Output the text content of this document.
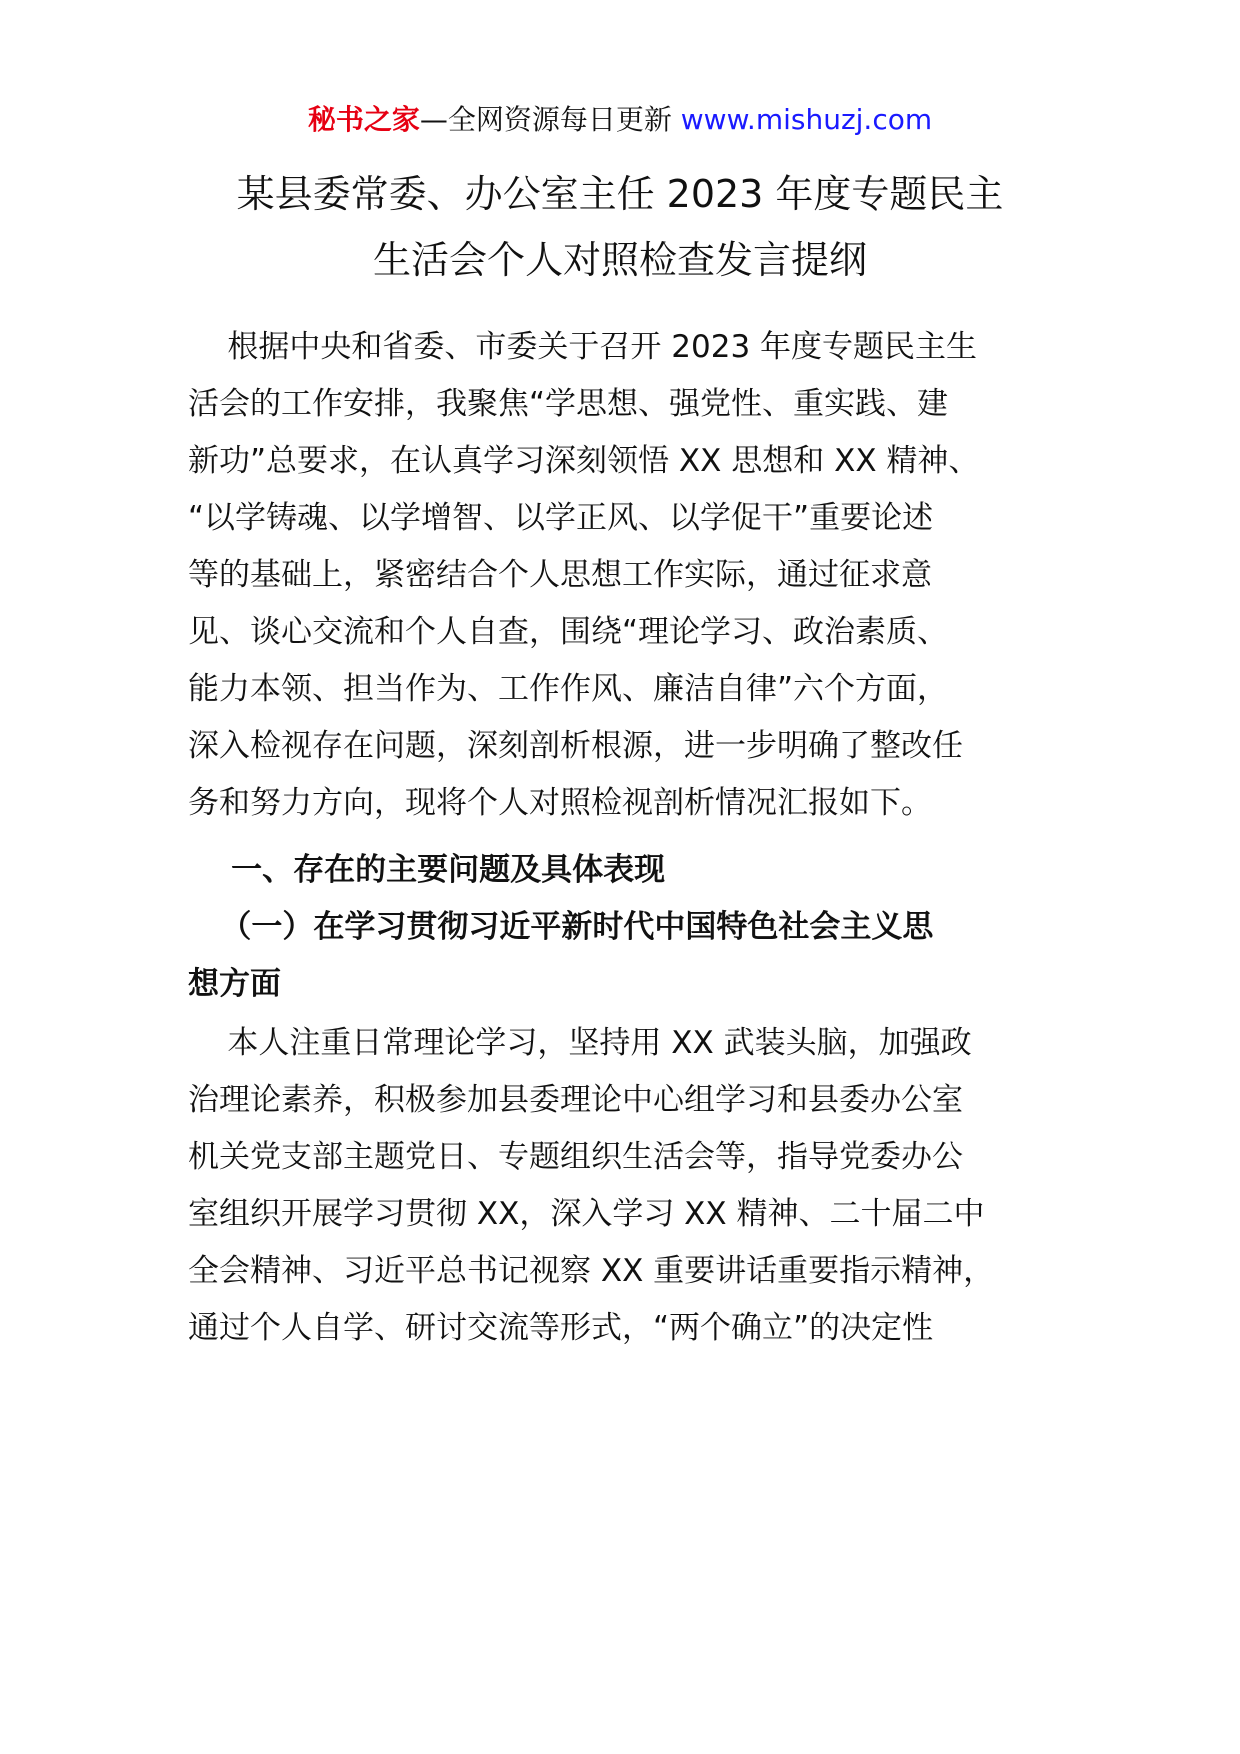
秘书之家—全网资源每日更新 www.mishuzj.com
某县委常委、办公室主任 2023 年度专题民主
生活会个人对照检查发言提纲
根据中央和省委、市委关于召开 2023 年度专题民主生
活会的工作安排，我聚焦“学思想、强党性、重实践、建
新功”总要求，在认真学习深刻领悟 XX 思想和 XX 精神、
“以学铸魂、以学增智、以学正风、以学促干”重要论述
等的基础上，紧密结合个人思想工作实际，通过征求意
见、谈心交流和个人自查，围绕“理论学习、政治素质、
能力本领、担当作为、工作作风、廉洁自律”六个方面，
深入检视存在问题，深刻剖析根源，进一步明确了整改任
务和努力方向，现将个人对照检视剖析情况汇报如下。
一、存在的主要问题及具体表现
（一）在学习贯彻习近平新时代中国特色社会主义思
想方面
本人注重日常理论学习，坚持用 XX 武装头脑，加强政
治理论素养，积极参加县委理论中心组学习和县委办公室
机关党支部主题党日、专题组织生活会等，指导党委办公
室组织开展学习贯彻 XX，深入学习 XX 精神、二十届二中
全会精神、习近平总书记视察 XX 重要讲话重要指示精神，
通过个人自学、研讨交流等形式，“两个确立”的决定性
